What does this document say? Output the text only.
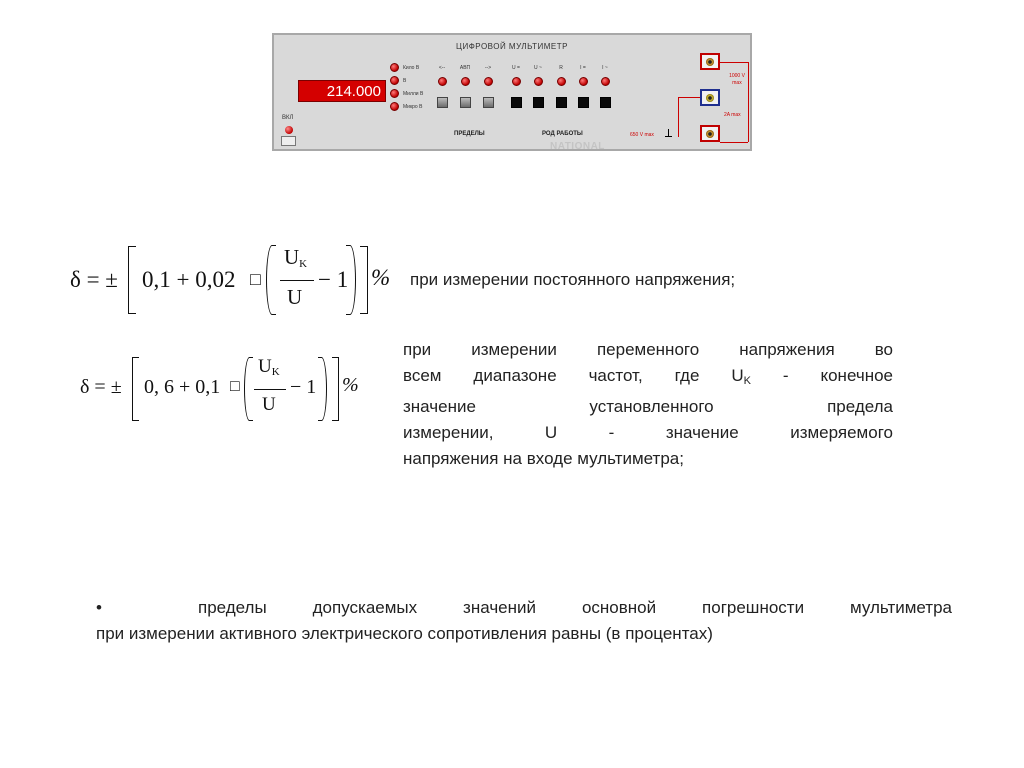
ЦИФРОВОЙ МУЛЬТИМЕТР
214.000
ВКЛ
Кило В
В
Милли В
Микро В
<--	АВП	-->	U =	U ~	R	I =	I ~
ПРЕДЕЛЫ	РОД РАБОТЫ
NATIONAL
650 V max
1000 V max
2A max
δ = ± 0,1 + 0,02 □
$U_K$
U
− 1 % при измерении постоянного напряжения;
δ = ± 0, 6 + 0,1 □
$U_K$
U
− 1 %
при измерении переменного напряжения во
всем диапазоне частот, где $U_K$ - конечное
значение установленного предела
измерении, U - значение измеряемого
напряжения на входе мультиметра;
•	пределы допускаемых значений основной погрешности мультиметра
при измерении активного электрического сопротивления равны (в процентах)
